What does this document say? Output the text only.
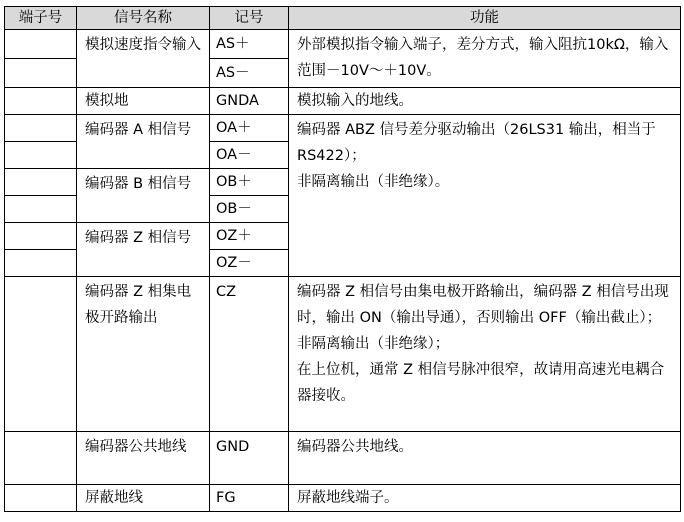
端子号	信号名称	记号	功能
	模拟速度指令输入	AS＋	外部模拟指令输入端子，差分方式，输入阻抗10kΩ，输入范围－10V～＋10V。
		AS－	
	模拟地	GNDA	模拟输入的地线。
	编码器 A 相信号	OA＋	编码器 ABZ 信号差分驱动输出（26LS31 输出，相当于 RS422）；
非隔离输出（非绝缘）。

		OA－	
	编码器 B 相信号	OB＋	
		OB－	
	编码器 Z 相信号	OZ＋	
		OZ－	
	编码器 Z 相集电极开路输出	CZ	编码器 Z 相信号由集电极开路输出，编码器 Z 相信号出现时，输出 ON（输出导通），否则输出 OFF（输出截止）；
非隔离输出（非绝缘）；
在上位机，通常 Z 相信号脉冲很窄，故请用高速光电耦合器接收。

	编码器公共地线	GND	编码器公共地线。
	屏蔽地线	FG	屏蔽地线端子。
